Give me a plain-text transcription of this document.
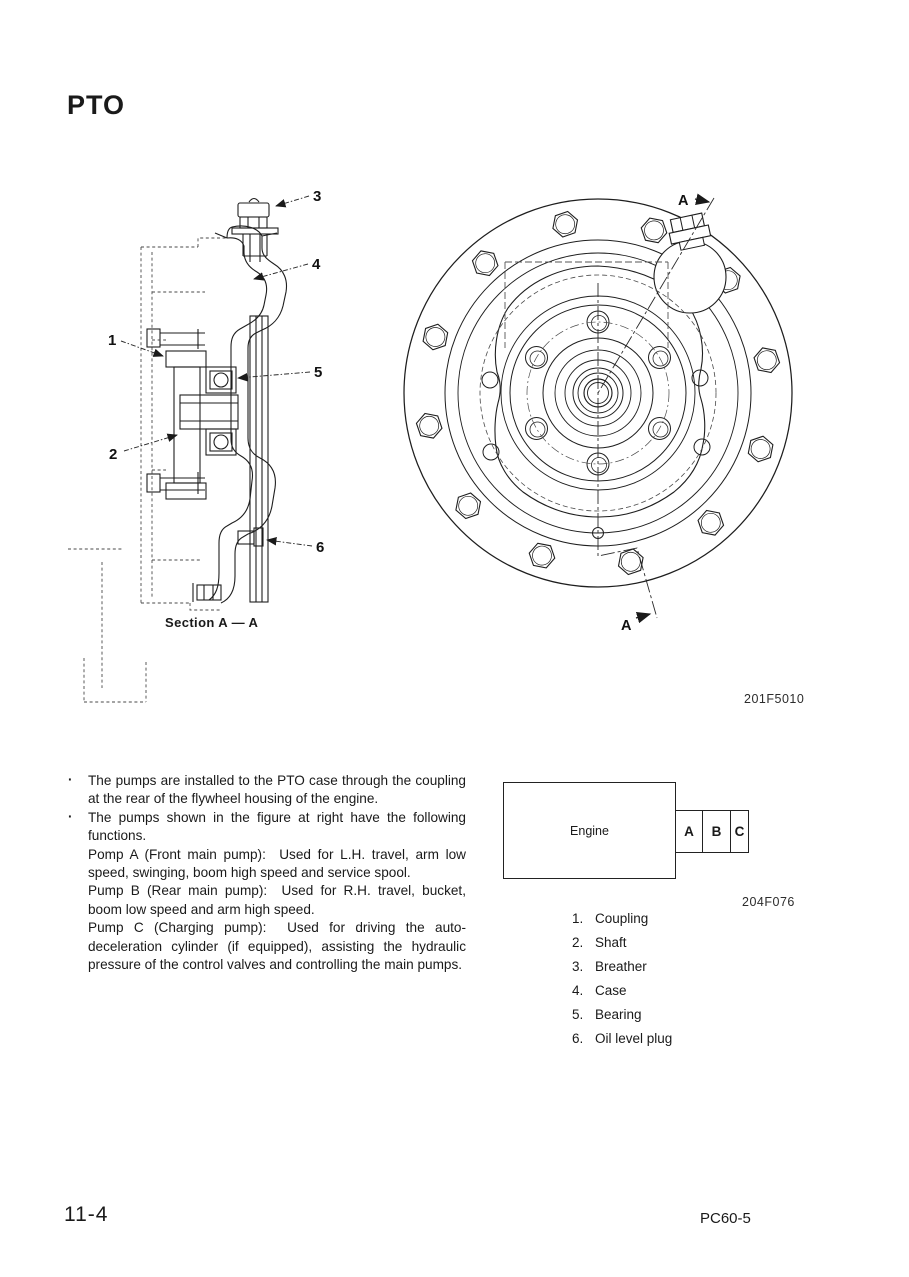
PTO
1
2
3
4
5
6
Section A — A
A
A
201F5010
· The pumps are installed to the PTO case through the coupling at the rear of the flywheel housing of the engine.
· The pumps shown in the figure at right have the following functions.
Pomp A (Front main pump):  Used for L.H. travel, arm low speed, swinging, boom high speed and service spool.
Pump B (Rear main pump):  Used for R.H. travel, bucket, boom low speed and arm high speed.
Pump C (Charging pump):  Used for driving the auto-deceleration cylinder (if equipped), assisting the hydraulic pressure of the control valves and controlling the main pumps.
Engine	A B C
204F076
1. Coupling
2. Shaft
3. Breather
4. Case
5. Bearing
6. Oil level plug
11-4	PC60-5
